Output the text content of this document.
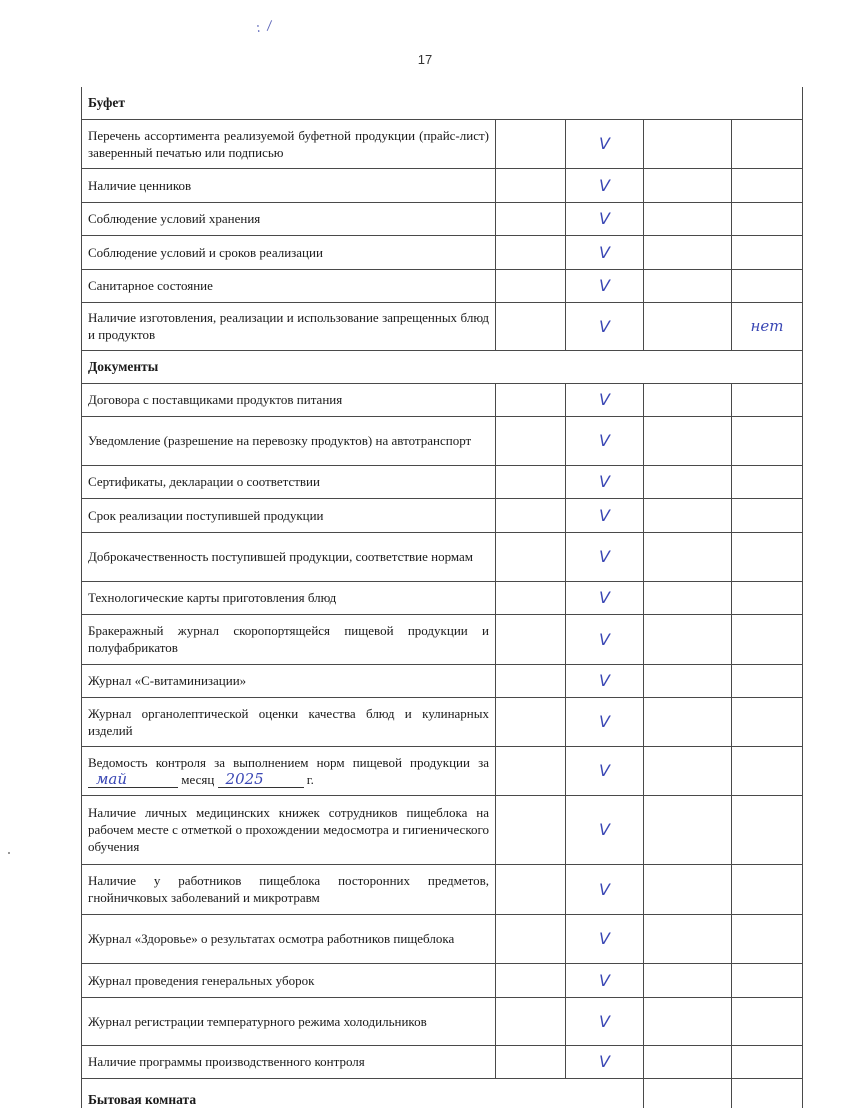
: ⁄
17
Буфет				
Перечень ассортимента реализуемой буфетной продукции (прайс-лист) заверенный печатью или подписью		V		
Наличие ценников		V		
Соблюдение условий хранения		V		
Соблюдение условий и сроков реализации		V		
Санитарное состояние		V		
Наличие изготовления, реализации и использование запрещенных блюд и продуктов		V		нет
Документы				
Договора с поставщиками продуктов питания		V		
Уведомление (разрешение на перевозку продуктов) на автотранспорт		V		
Сертификаты, декларации о соответствии		V		
Срок реализации поступившей продукции		V		
Доброкачественность поступившей продукции, соответствие нормам		V		
Технологические карты приготовления блюд		V		
Бракеражный журнал скоропортящейся пищевой продукции и полуфабрикатов		V		
Журнал «С-витаминизации»		V		
Журнал органолептической оценки качества блюд и кулинарных изделий		V		
Ведомость контроля за выполнением норм пищевой продукции за май месяц 2025 г.		V		
Наличие личных медицинских книжек сотрудников пищеблока на рабочем месте с отметкой о прохождении медосмотра и гигиенического обучения		V		
Наличие у работников пищеблока посторонних предметов, гнойничковых заболеваний и микротравм		V		
Журнал «Здоровье» о результатах осмотра работников пищеблока		V		
Журнал проведения генеральных уборок		V		
Журнал регистрации температурного режима холодильников		V		
Наличие программы производственного контроля		V		
Бытовая комната				
